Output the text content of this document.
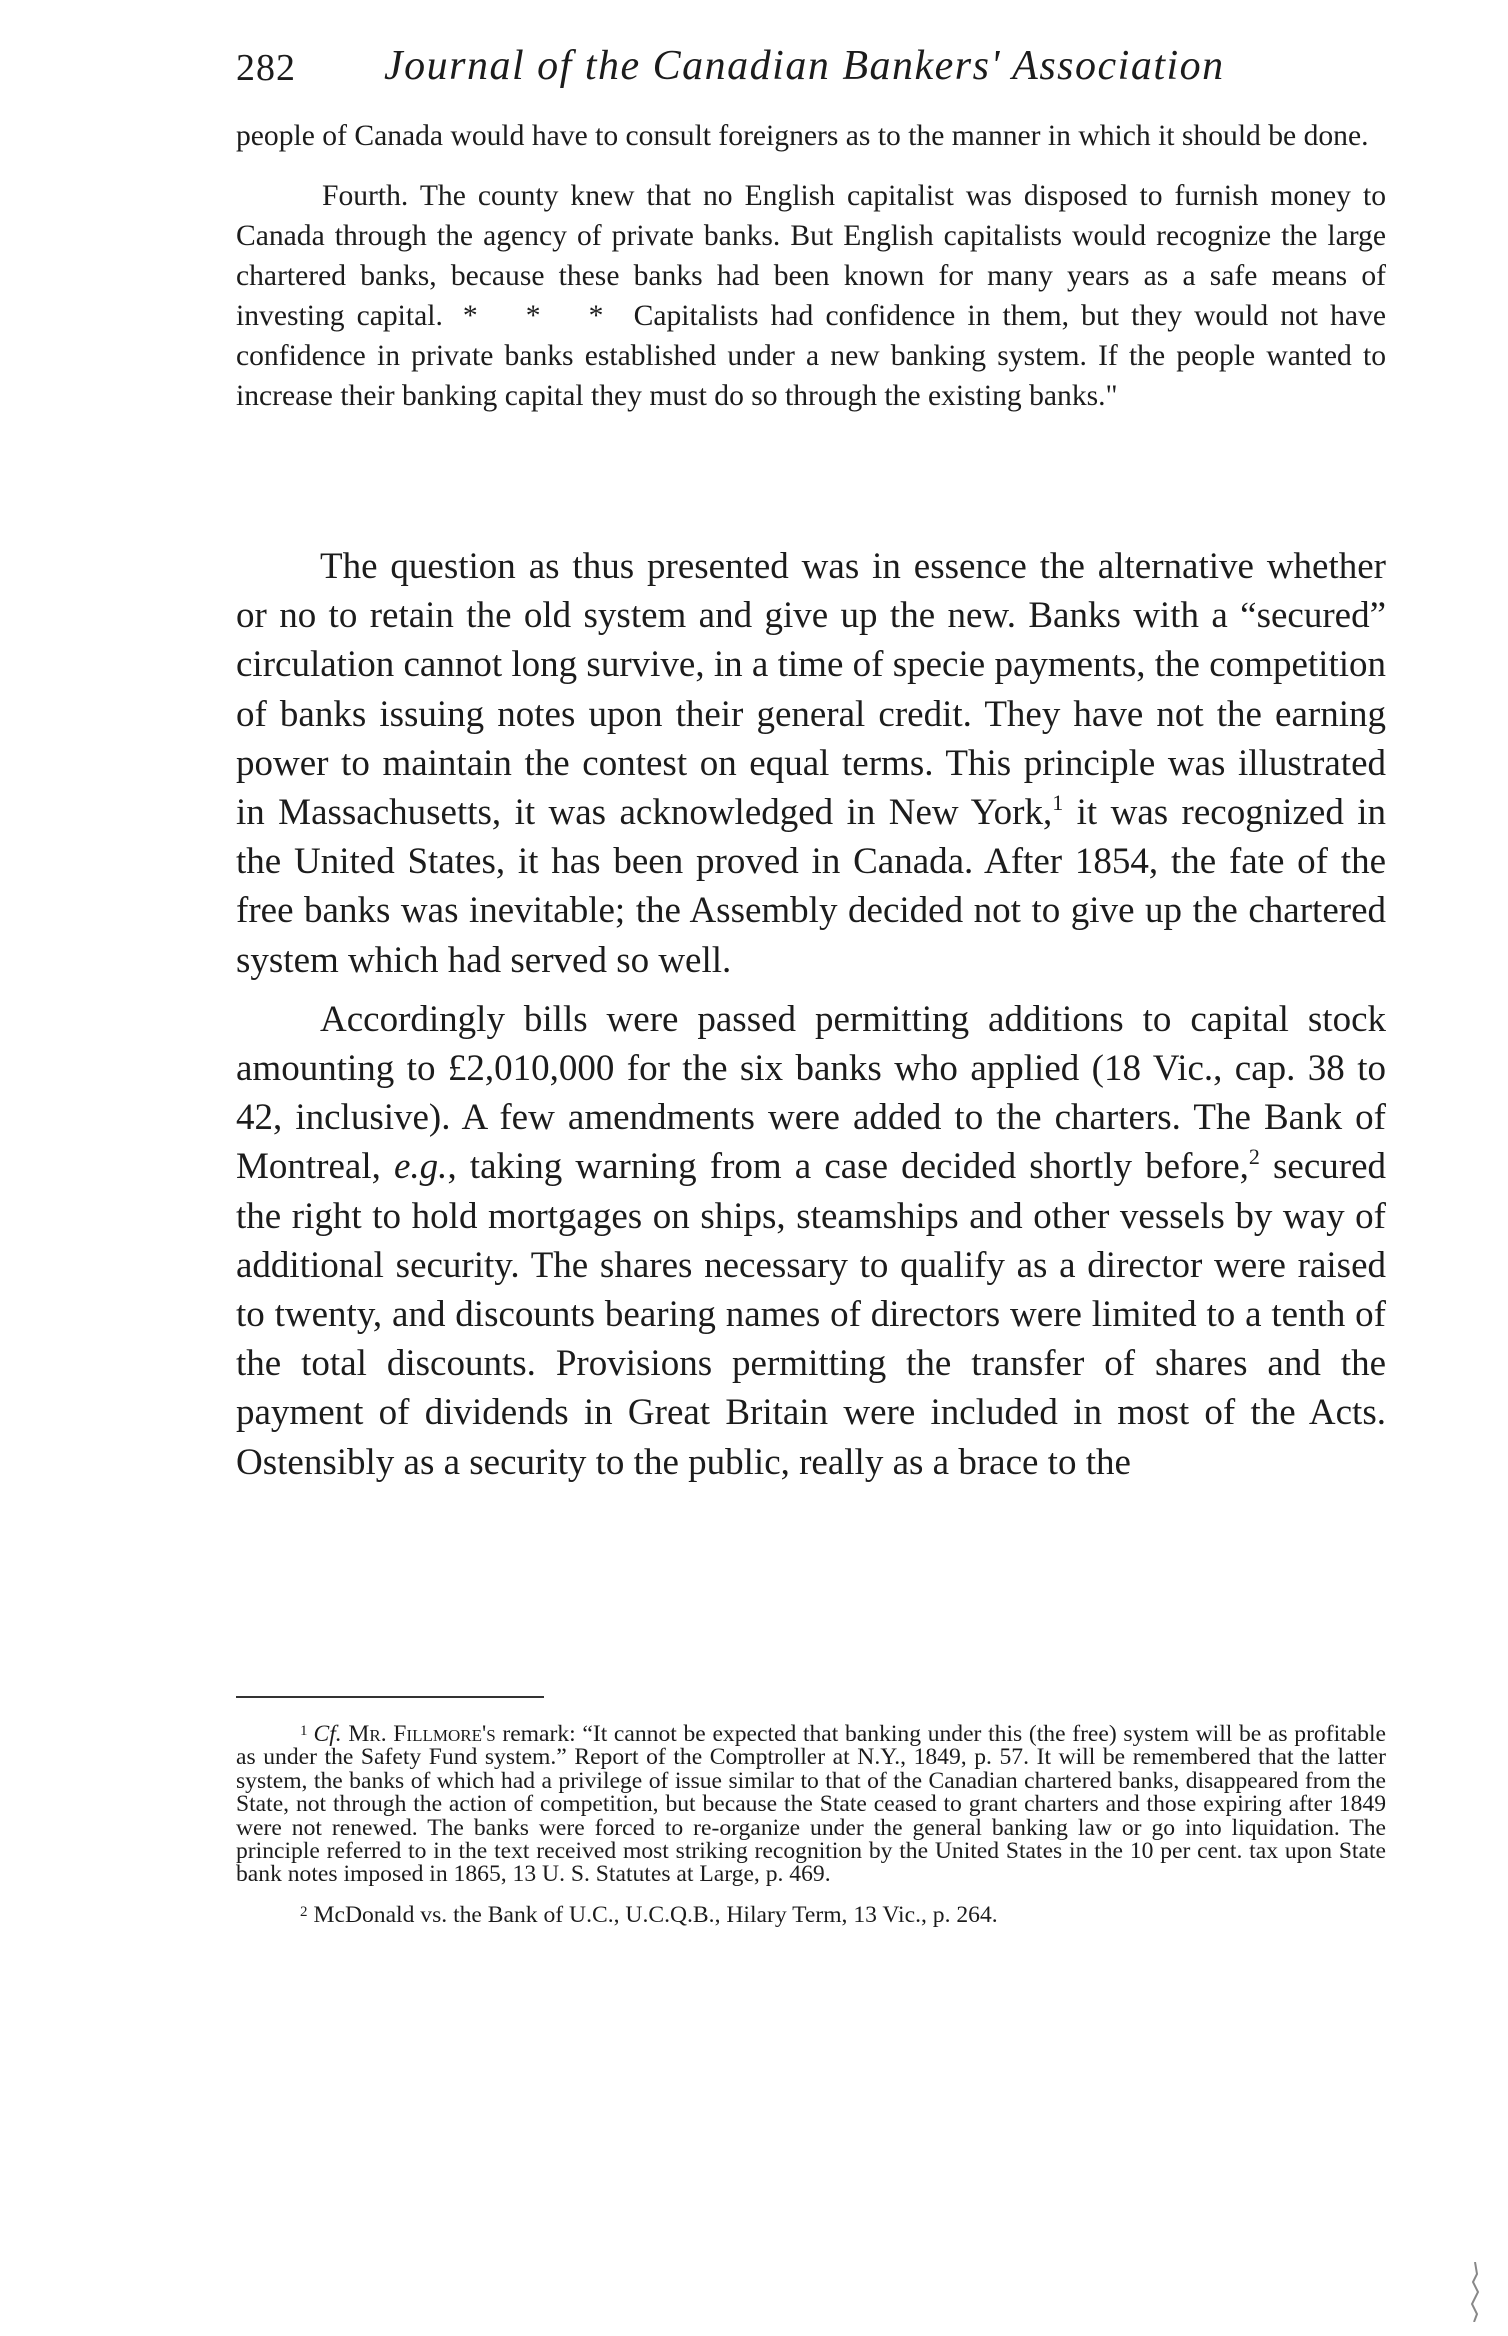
282 Journal of the Canadian Bankers' Association

people of Canada would have to consult foreigners as to the manner in which it should be done.

Fourth. The county knew that no English capitalist was disposed to furnish money to Canada through the agency of private banks. But English capitalists would recognize the large chartered banks, because these banks had been known for many years as a safe means of investing capital. * * * Capitalists had confidence in them, but they would not have confidence in private banks established under a new banking system. If the people wanted to increase their banking capital they must do so through the existing banks."

The question as thus presented was in essence the alternative whether or no to retain the old system and give up the new. Banks with a “secured” circulation cannot long survive, in a time of specie payments, the competition of banks issuing notes upon their general credit. They have not the earning power to maintain the contest on equal terms. This principle was illustrated in Massachusetts, it was acknowledged in New York,$^1$ it was recognized in the United States, it has been proved in Canada. After 1854, the fate of the free banks was inevitable; the Assembly decided not to give up the chartered system which had served so well.

Accordingly bills were passed permitting additions to capital stock amounting to £2,010,000 for the six banks who applied (18 Vic., cap. 38 to 42, inclusive). A few amendments were added to the charters. The Bank of Montreal, e.g., taking warning from a case decided shortly before,$^2$ secured the right to hold mortgages on ships, steamships and other vessels by way of additional security. The shares necessary to qualify as a director were raised to twenty, and discounts bearing names of directors were limited to a tenth of the total discounts. Provisions permitting the transfer of shares and the payment of dividends in Great Britain were included in most of the Acts. Ostensibly as a security to the public, really as a brace to the

$^1$ Cf. Mr. Fillmore's remark: “It cannot be expected that banking under this (the free) system will be as profitable as under the Safety Fund system.” Report of the Comptroller at N.Y., 1849, p. 57. It will be remembered that the latter system, the banks of which had a privilege of issue similar to that of the Canadian chartered banks, disappeared from the State, not through the action of competition, but because the State ceased to grant charters and those expiring after 1849 were not renewed. The banks were forced to re-organize under the general banking law or go into liquidation. The principle referred to in the text received most striking recognition by the United States in the 10 per cent. tax upon State bank notes imposed in 1865, 13 U. S. Statutes at Large, p. 469.

$^2$ McDonald vs. the Bank of U.C., U.C.Q.B., Hilary Term, 13 Vic., p. 264.
